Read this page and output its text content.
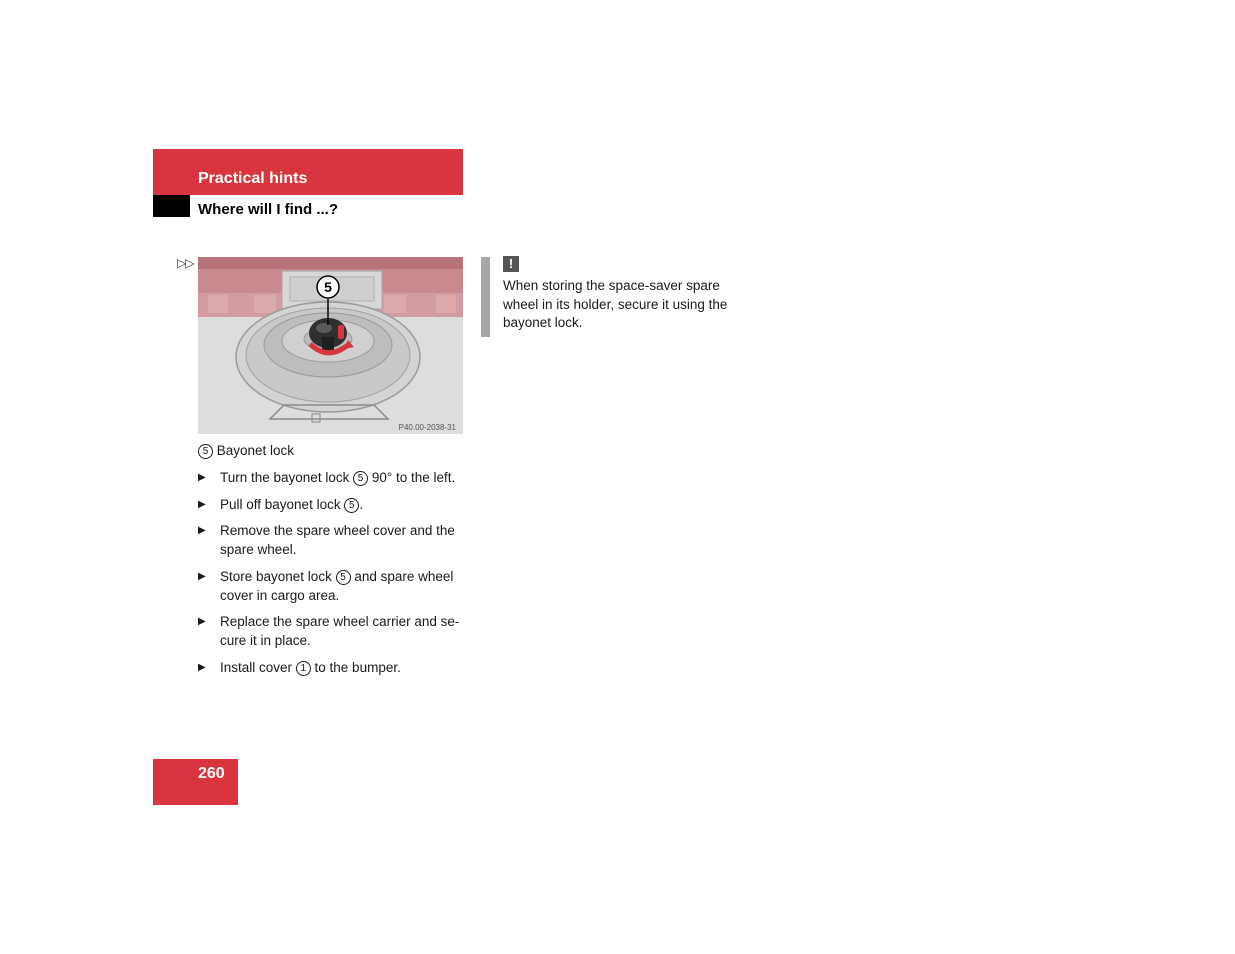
Practical hints
Where will I find ...?
▷▷
5
P40.00-2038-31
5 Bayonet lock
▶ Turn the bayonet lock 5 90° to the left.
▶ Pull off bayonet lock 5 .
▶ Remove the spare wheel cover and the spare wheel.
▶ Store bayonet lock 5 and spare wheel cover in cargo area.
▶ Replace the spare wheel carrier and se-cure it in place.
▶ Install cover 1 to the bumper.
!
When storing the space-saver spare wheel in its holder, secure it using the bayonet lock.
260
